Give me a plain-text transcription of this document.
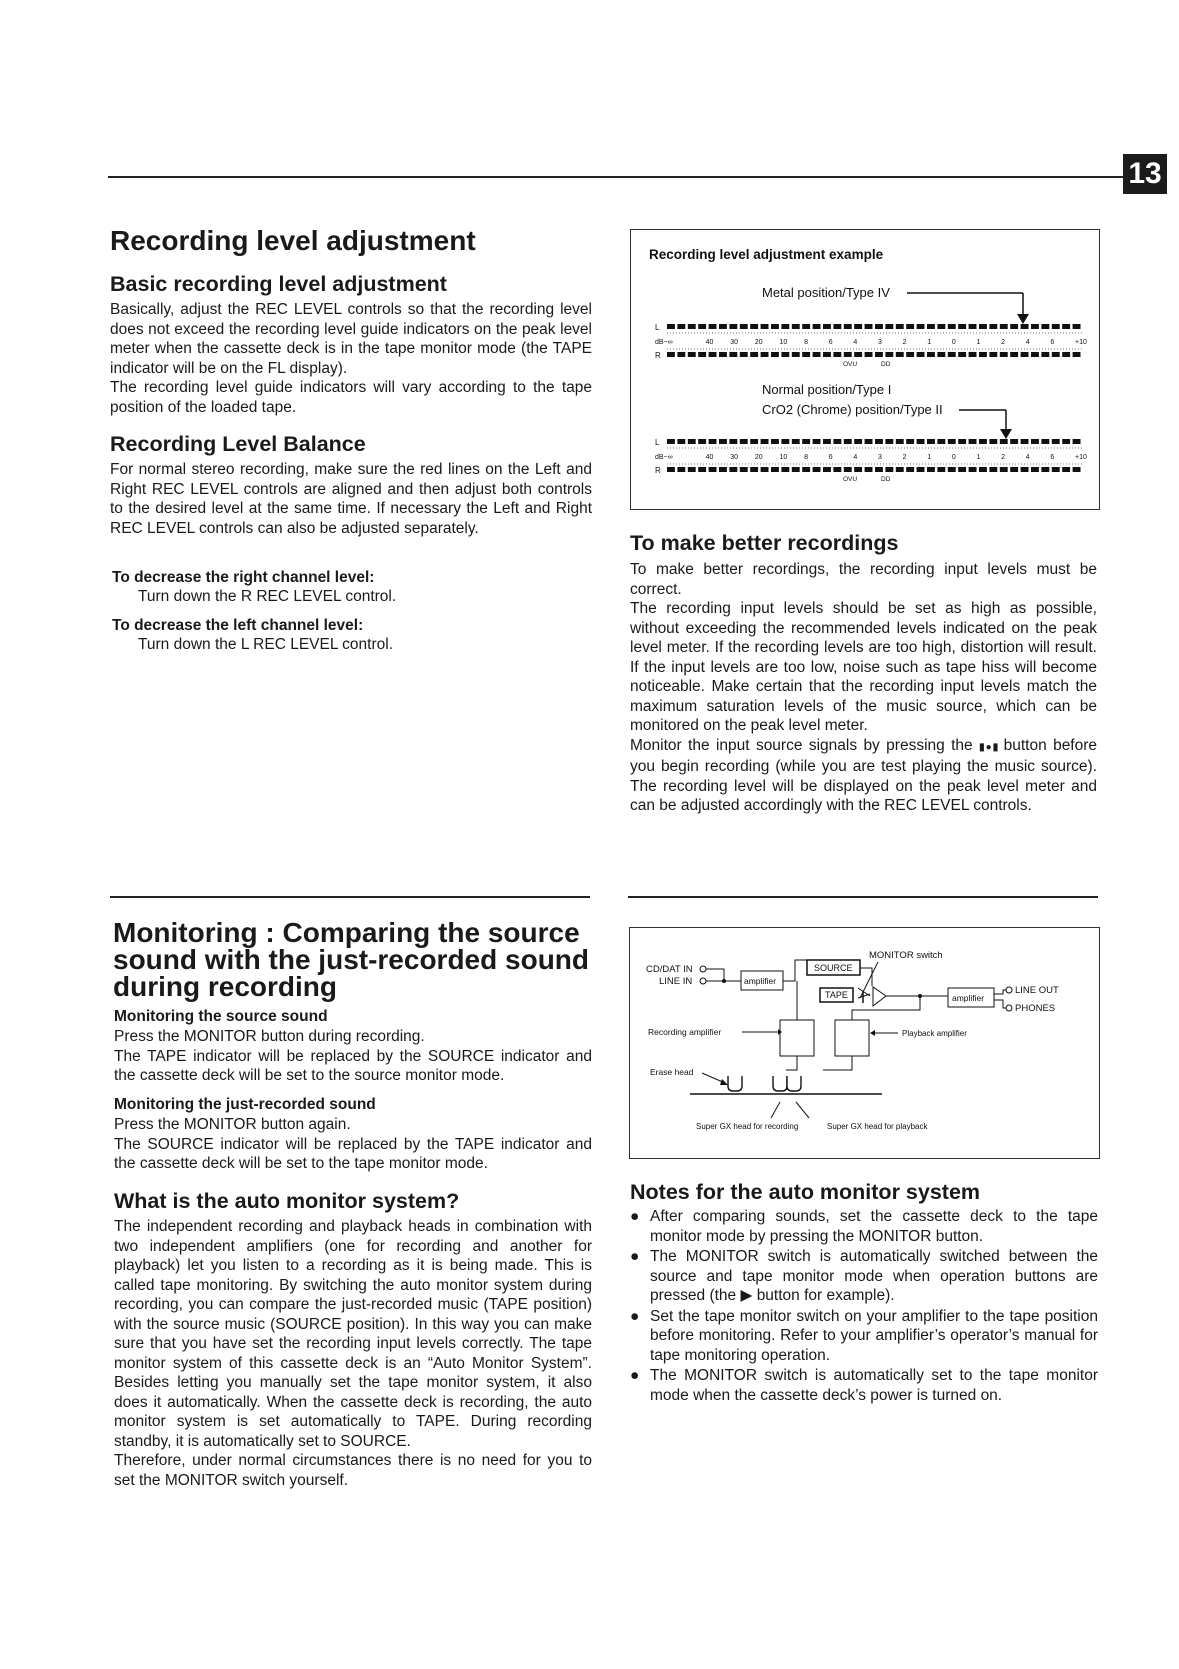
13
Recording level adjustment
Basic recording level adjustment

Basically, adjust the REC LEVEL controls so that the recording level does not exceed the recording level guide indicators on the peak level meter when the cassette deck is in the tape monitor mode (the TAPE indicator will be on the FL display).

The recording level guide indicators will vary according to the tape position of the loaded tape.

Recording Level Balance
For normal stereo recording, make sure the red lines on the Left and Right REC LEVEL controls are aligned and then adjust both controls to the desired level at the same time. If necessary the Left and Right REC LEVEL controls can also be adjusted separately.
To decrease the right channel level:
Turn down the R REC LEVEL control.
To decrease the left channel level:
Turn down the L REC LEVEL control.
Recording level adjustment example
Metal position/Type IV
L
R
dB−∞	40 30 20 10 8	6	4	3	2	1	0	1	2	4	6	+10
OVU	DD
Normal position/Type I
CrO2 (Chrome) position/Type II
L
R
dB−∞	40 30 20 10 8	6	4	3	2	1	0	1	2	4	6	+10
OVU	DD
To make better recordings

To make better recordings, the recording input levels must be correct.

The recording input levels should be set as high as possible, without exceeding the recommended levels indicated on the peak level meter. If the recording levels are too high, distortion will result. If the input levels are too low, noise such as tape hiss will become noticeable. Make certain that the recording input levels match the maximum saturation levels of the music source, which can be monitored on the peak level meter.

Monitor the input source signals by pressing the ▮●▮ button before you begin recording (while you are test playing the music source). The recording level will be displayed on the peak level meter and can be adjusted accordingly with the REC LEVEL controls.

Monitoring : Comparing the source
sound with the just-recorded sound
during recording
Monitoring the source sound

Press the MONITOR button during recording.

The TAPE indicator will be replaced by the SOURCE indicator and the cassette deck will be set to the source monitor mode.

Monitoring the just-recorded sound

Press the MONITOR button again.

The SOURCE indicator will be replaced by the TAPE indicator and the cassette deck will be set to the tape monitor mode.

What is the auto monitor system?

The independent recording and playback heads in combination with two independent amplifiers (one for recording and another for playback) let you listen to a recording as it is being made. This is called tape monitoring. By switching the auto monitor system during recording, you can compare the just-recorded music (TAPE position) with the source music (SOURCE position). In this way you can make sure that you have set the recording input levels correctly. The tape monitor system of this cassette deck is an “Auto Monitor System”. Besides letting you manually set the tape monitor system, it also does it automatically. When the cassette deck is recording, the auto monitor system is set automatically to TAPE. During recording standby, it is automatically set to SOURCE.

Therefore, under normal circumstances there is no need for you to set the MONITOR switch yourself.

MONITOR switch
CD/DAT IN
LINE IN	amplifier
SOURCE
TAPE	amplifier
LINE OUT
PHONES
Recording amplifier	Playback amplifier
Erase head
Super GX head for recording	Super GX head for playback
Notes for the auto monitor system
● After comparing sounds, set the cassette deck to the tape monitor mode by pressing the MONITOR button.
● The MONITOR switch is automatically switched between the source and tape monitor mode when operation buttons are pressed (the ▶ button for example).
● Set the tape monitor switch on your amplifier to the tape position before monitoring. Refer to your amplifier’s operator’s manual for tape monitoring operation.
● The MONITOR switch is automatically set to the tape monitor mode when the cassette deck’s power is turned on.
